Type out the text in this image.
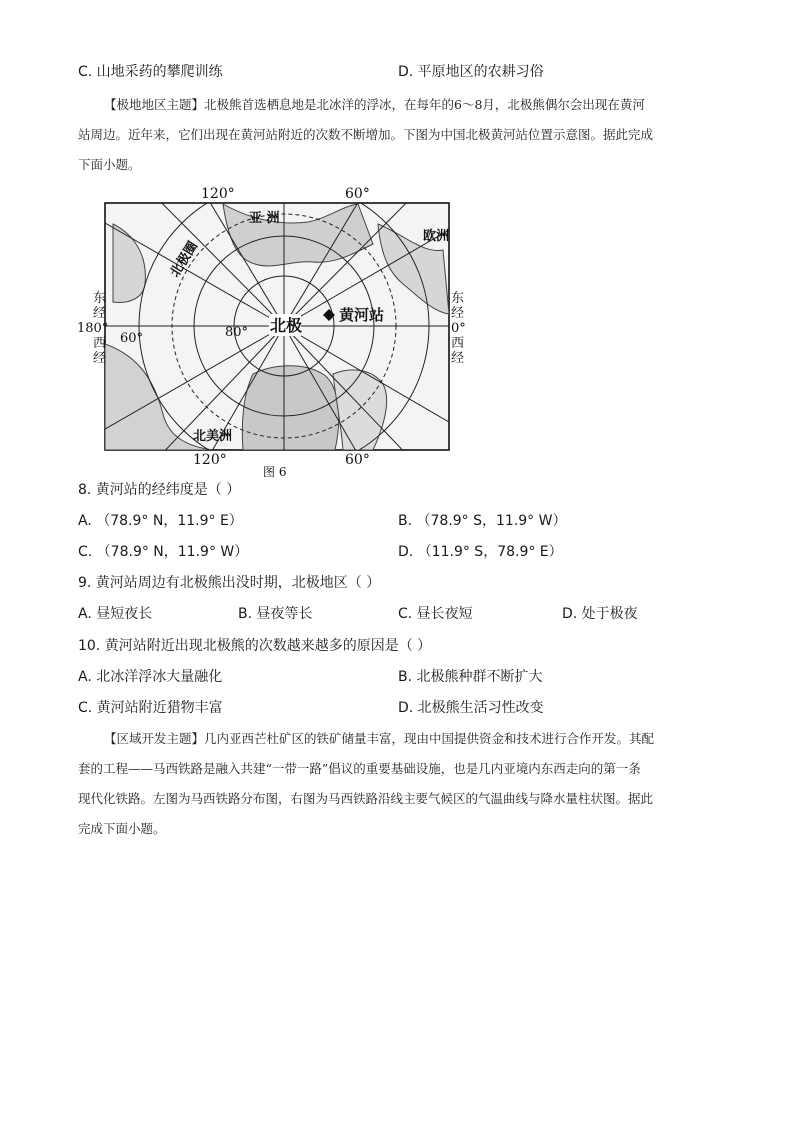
C. 山地采药的攀爬训练	D. 平原地区的农耕习俗
【极地地区主题】北极熊首选栖息地是北冰洋的浮冰，在每年的6～8月，北极熊偶尔会出现在黄河
站周边。近年来，它们出现在黄河站附近的次数不断增加。下图为中国北极黄河站位置示意图。据此完成
下面小题。
120°	60°
120°	60°
亚 洲
欧洲
北美洲
北极圈
北极
黄河站
80°
60°
东
经
180°
西
经
东
经
0°
西
经
图 6
8. 黄河站的经纬度是（ ）
A. （78.9° N，11.9° E）	B. （78.9° S，11.9° W）
C. （78.9° N，11.9° W）	D. （11.9° S，78.9° E）
9. 黄河站周边有北极熊出没时期，北极地区（ ）
A. 昼短夜长	B. 昼夜等长	C. 昼长夜短	D. 处于极夜
10. 黄河站附近出现北极熊的次数越来越多的原因是（ ）
A. 北冰洋浮冰大量融化	B. 北极熊种群不断扩大
C. 黄河站附近猎物丰富	D. 北极熊生活习性改变
【区域开发主题】几内亚西芒杜矿区的铁矿储量丰富，现由中国提供资金和技术进行合作开发。其配
套的工程——马西铁路是融入共建“一带一路”倡议的重要基础设施，也是几内亚境内东西走向的第一条
现代化铁路。左图为马西铁路分布图，右图为马西铁路沿线主要气候区的气温曲线与降水量柱状图。据此
完成下面小题。
